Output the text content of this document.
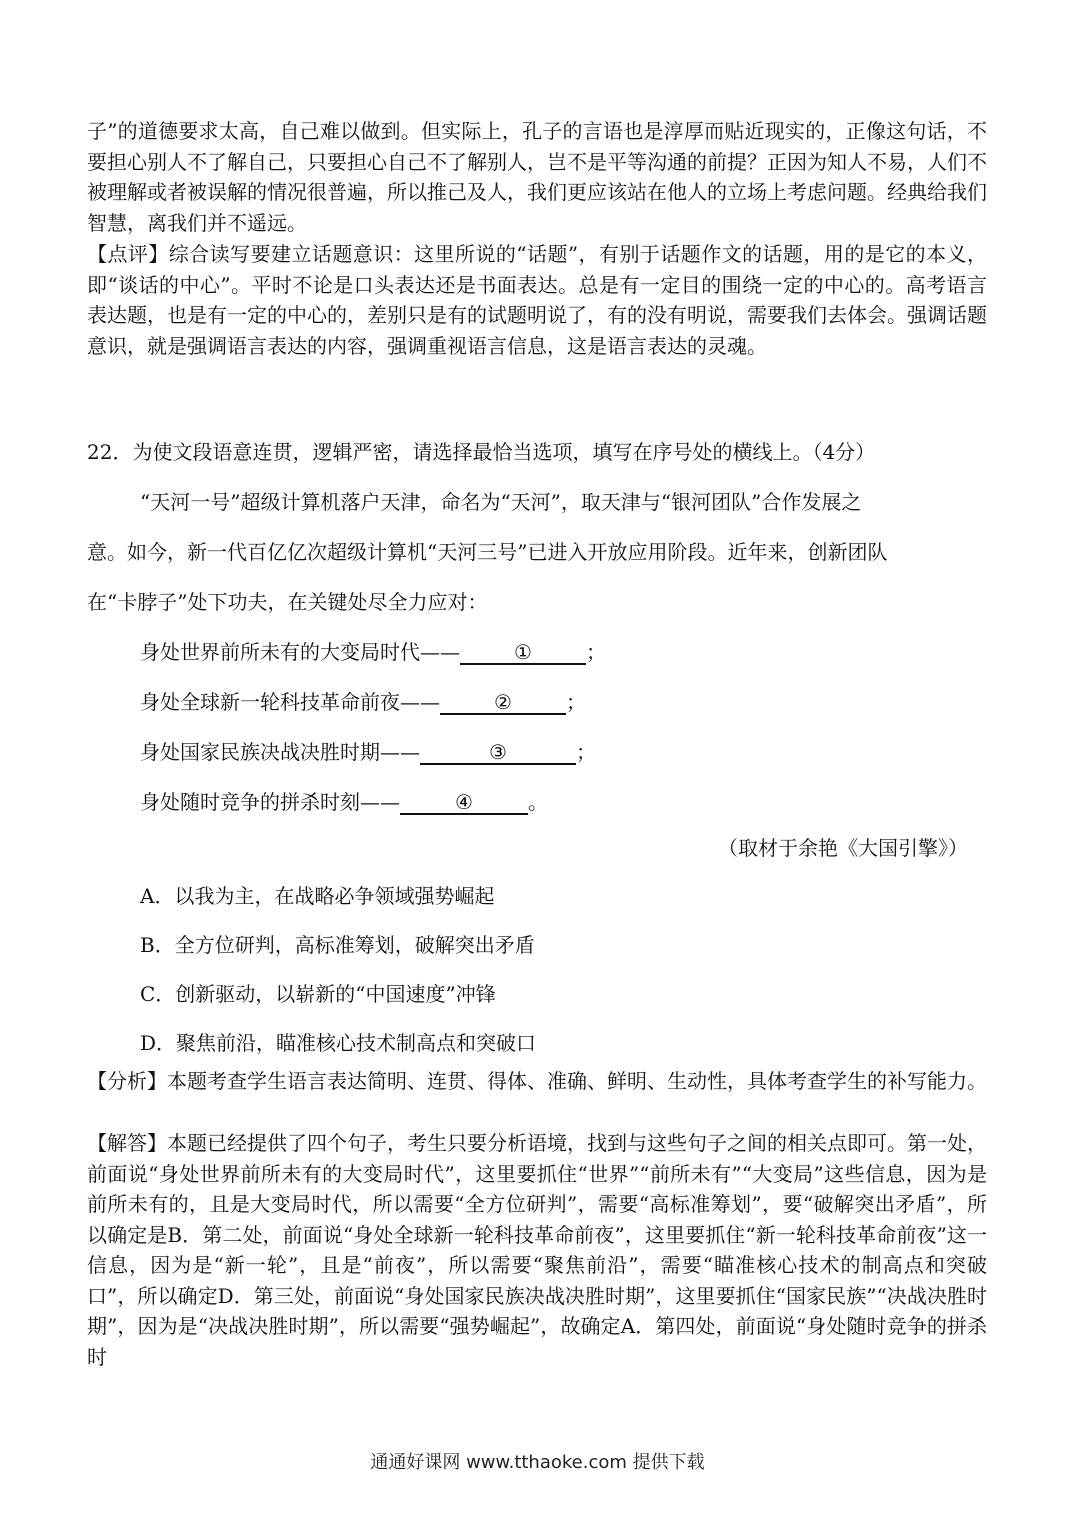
子”的道德要求太高，自己难以做到。但实际上，孔子的言语也是淳厚而贴近现实的，正像这句话，不要担心别人不了解自己，只要担心自己不了解别人，岂不是平等沟通的前提？正因为知人不易，人们不被理解或者被误解的情况很普遍，所以推己及人，我们更应该站在他人的立场上考虑问题。经典给我们智慧，离我们并不遥远。

【点评】综合读写要建立话题意识：这里所说的“话题”，有别于话题作文的话题，用的是它的本义，即“谈话的中心”。平时不论是口头表达还是书面表达。总是有一定目的围绕一定的中心的。高考语言表达题，也是有一定的中心的，差别只是有的试题明说了，有的没有明说，需要我们去体会。强调话题意识，就是强调语言表达的内容，强调重视语言信息，这是语言表达的灵魂。

22．为使文段语意连贯，逻辑严密，请选择最恰当选项，填写在序号处的横线上。（4分）

“天河一号”超级计算机落户天津，命名为“天河”，取天津与“银河团队”合作发展之

意。如今，新一代百亿亿次超级计算机“天河三号”已进入开放应用阶段。近年来，创新团队

在“卡脖子”处下功夫，在关键处尽全力应对：

身处世界前所未有的大变局时代——	①	；
身处全球新一轮科技革命前夜——	②	；
身处国家民族决战决胜时期——	③	；
身处随时竞争的拼杀时刻——	④	。

（取材于余艳《大国引擎》）

A．以我为主，在战略必争领域强势崛起
B．全方位研判，高标准筹划，破解突出矛盾
C．创新驱动，以崭新的“中国速度”冲锋
D．聚焦前沿，瞄准核心技术制高点和突破口

【分析】本题考查学生语言表达简明、连贯、得体、准确、鲜明、生动性，具体考查学生的补写能力。

【解答】本题已经提供了四个句子，考生只要分析语境，找到与这些句子之间的相关点即可。第一处，前面说“身处世界前所未有的大变局时代”，这里要抓住“世界”“前所未有”“大变局”这些信息，因为是前所未有的，且是大变局时代，所以需要“全方位研判”，需要“高标准筹划”，要“破解突出矛盾”，所以确定是B．第二处，前面说“身处全球新一轮科技革命前夜”，这里要抓住“新一轮科技革命前夜”这一信息，因为是“新一轮”，且是“前夜”，所以需要“聚焦前沿”，需要“瞄准核心技术的制高点和突破口”，所以确定D．第三处，前面说“身处国家民族决战决胜时期”，这里要抓住“国家民族”“决战决胜时期”，因为是“决战决胜时期”，所以需要“强势崛起”，故确定A．第四处，前面说“身处随时竞争的拼杀时

通通好课网 www.tthaoke.com 提供下载
